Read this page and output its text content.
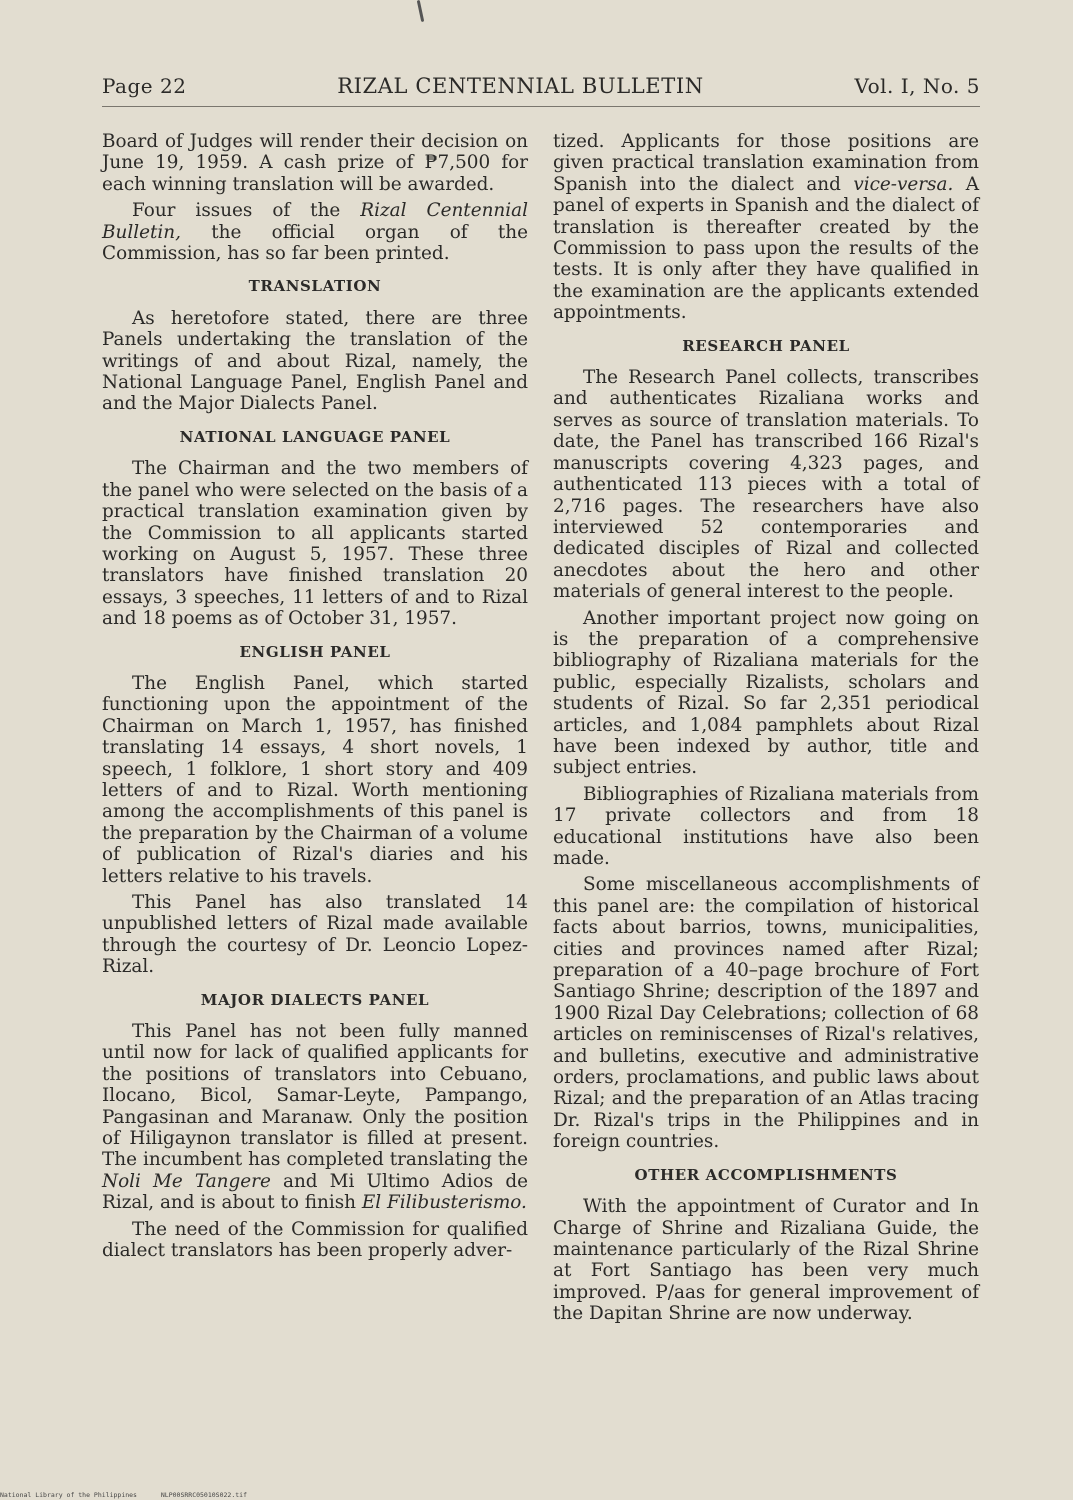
Page 22	RIZAL CENTENNIAL BULLETIN	Vol. I, No. 5

Board of Judges will render their decision on June 19, 1959. A cash prize of ₱7,500 for each winning translation will be awarded.

Four issues of the Rizal Centennial Bulletin, the official organ of the Commission, has so far been printed.

TRANSLATION

As heretofore stated, there are three Panels undertaking the translation of the writings of and about Rizal, namely, the National Language Panel, English Panel and and the Major Dialects Panel.

NATIONAL LANGUAGE PANEL

The Chairman and the two members of the panel who were selected on the basis of a practical translation examination given by the Commission to all applicants started working on August 5, 1957. These three translators have finished translation 20 essays, 3 speeches, 11 letters of and to Rizal and 18 poems as of October 31, 1957.

ENGLISH PANEL

The English Panel, which started functioning upon the appointment of the Chairman on March 1, 1957, has finished translating 14 essays, 4 short novels, 1 speech, 1 folklore, 1 short story and 409 letters of and to Rizal. Worth mentioning among the accomplishments of this panel is the preparation by the Chairman of a volume of publication of Rizal's diaries and his letters relative to his travels.

This Panel has also translated 14 unpublished letters of Rizal made available through the courtesy of Dr. Leoncio Lopez-Rizal.

MAJOR DIALECTS PANEL

This Panel has not been fully manned until now for lack of qualified applicants for the positions of translators into Cebuano, Ilocano, Bicol, Samar-Leyte, Pampango, Pangasinan and Maranaw. Only the position of Hiligaynon translator is filled at present. The incumbent has completed translating the Noli Me Tangere and Mi Ultimo Adios de Rizal, and is about to finish El Filibusterismo.

The need of the Commission for qualified dialect translators has been properly adver-

tized. Applicants for those positions are given practical translation examination from Spanish into the dialect and vice-versa. A panel of experts in Spanish and the dialect of translation is thereafter created by the Commission to pass upon the results of the tests. It is only after they have qualified in the examination are the applicants extended appointments.

RESEARCH PANEL

The Research Panel collects, transcribes and authenticates Rizaliana works and serves as source of translation materials. To date, the Panel has transcribed 166 Rizal's manuscripts covering 4,323 pages, and authenticated 113 pieces with a total of 2,716 pages. The researchers have also interviewed 52 contemporaries and dedicated disciples of Rizal and collected anecdotes about the hero and other materials of general interest to the people.

Another important project now going on is the preparation of a comprehensive bibliography of Rizaliana materials for the public, especially Rizalists, scholars and students of Rizal. So far 2,351 periodical articles, and 1,084 pamphlets about Rizal have been indexed by author, title and subject entries.

Bibliographies of Rizaliana materials from 17 private collectors and from 18 educational institutions have also been made.

Some miscellaneous accomplishments of this panel are: the compilation of historical facts about barrios, towns, municipalities, cities and provinces named after Rizal; preparation of a 40–page brochure of Fort Santiago Shrine; description of the 1897 and 1900 Rizal Day Celebrations; collection of 68 articles on reminiscenses of Rizal's relatives, and bulletins, executive and administrative orders, proclamations, and public laws about Rizal; and the preparation of an Atlas tracing Dr. Rizal's trips in the Philippines and in foreign countries.

OTHER ACCOMPLISHMENTS

With the appointment of Curator and In Charge of Shrine and Rizaliana Guide, the maintenance particularly of the Rizal Shrine at Fort Santiago has been very much improved. P/aas for general improvement of the Dapitan Shrine are now underway.

National Library of the Philippines	NLP00SRRC05010S022.tif
